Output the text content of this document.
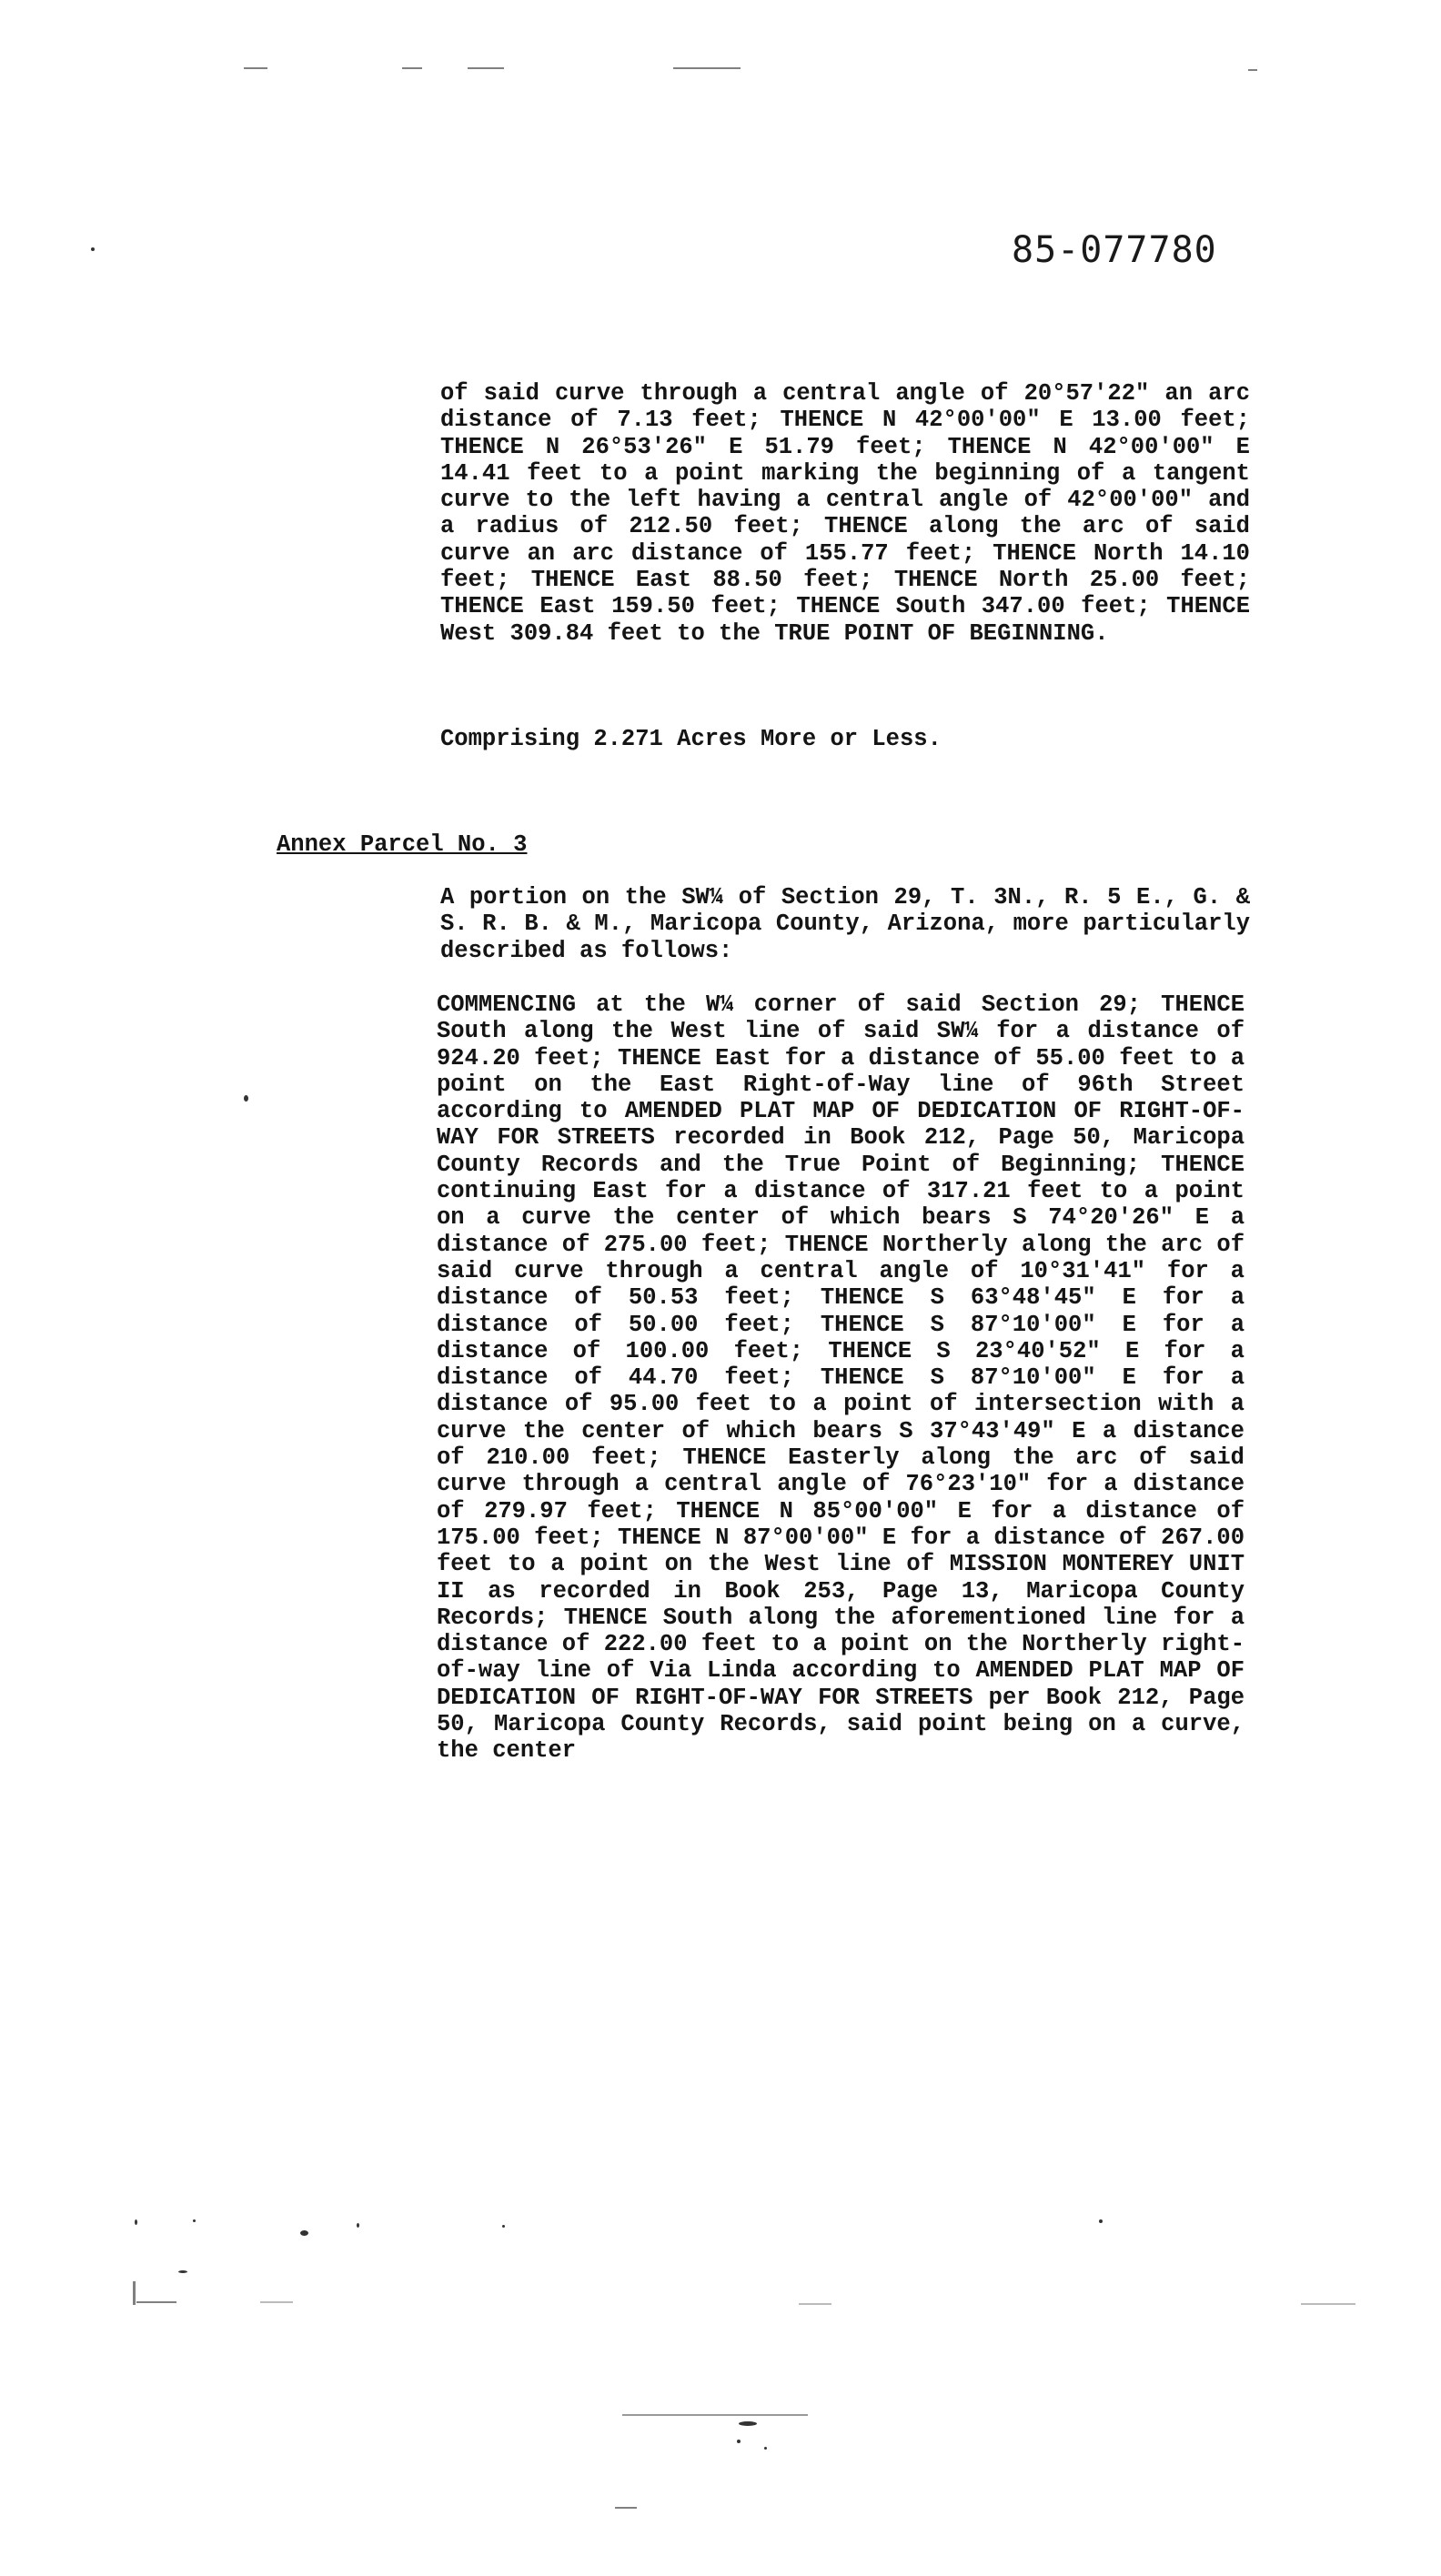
85-077780

of said curve through a central angle of 20°57'22" an arc distance of 7.13 feet; THENCE N 42°00'00" E 13.00 feet; THENCE N 26°53'26" E 51.79 feet; THENCE N 42°00'00" E 14.41 feet to a point marking the beginning of a tangent curve to the left having a central angle of 42°00'00" and a radius of 212.50 feet; THENCE along the arc of said curve an arc distance of 155.77 feet; THENCE North 14.10 feet; THENCE East 88.50 feet; THENCE North 25.00 feet; THENCE East 159.50 feet; THENCE South 347.00 feet; THENCE West 309.84 feet to the TRUE POINT OF BEGINNING.

Comprising 2.271 Acres More or Less.

Annex Parcel No. 3

A portion on the SW¼ of Section 29, T. 3N., R. 5 E., G. & S. R. B. & M., Maricopa County, Arizona, more particularly described as follows:

COMMENCING at the W¼ corner of said Section 29; THENCE South along the West line of said SW¼ for a distance of 924.20 feet; THENCE East for a distance of 55.00 feet to a point on the East Right-of-Way line of 96th Street according to AMENDED PLAT MAP OF DEDICATION OF RIGHT-OF-WAY FOR STREETS recorded in Book 212, Page 50, Maricopa County Records and the True Point of Beginning; THENCE continuing East for a distance of 317.21 feet to a point on a curve the center of which bears S 74°20'26" E a distance of 275.00 feet; THENCE Northerly along the arc of said curve through a central angle of 10°31'41" for a distance of 50.53 feet; THENCE S 63°48'45" E for a distance of 50.00 feet; THENCE S 87°10'00" E for a distance of 100.00 feet; THENCE S 23°40'52" E for a distance of 44.70 feet; THENCE S 87°10'00" E for a distance of 95.00 feet to a point of intersection with a curve the center of which bears S 37°43'49" E a distance of 210.00 feet; THENCE Easterly along the arc of said curve through a central angle of 76°23'10" for a distance of 279.97 feet; THENCE N 85°00'00" E for a distance of 175.00 feet; THENCE N 87°00'00" E for a distance of 267.00 feet to a point on the West line of MISSION MONTEREY UNIT II as recorded in Book 253, Page 13, Maricopa County Records; THENCE South along the aforementioned line for a distance of 222.00 feet to a point on the Northerly right-of-way line of Via Linda according to AMENDED PLAT MAP OF DEDICATION OF RIGHT-OF-WAY FOR STREETS per Book 212, Page 50, Maricopa County Records, said point being on a curve, the center
